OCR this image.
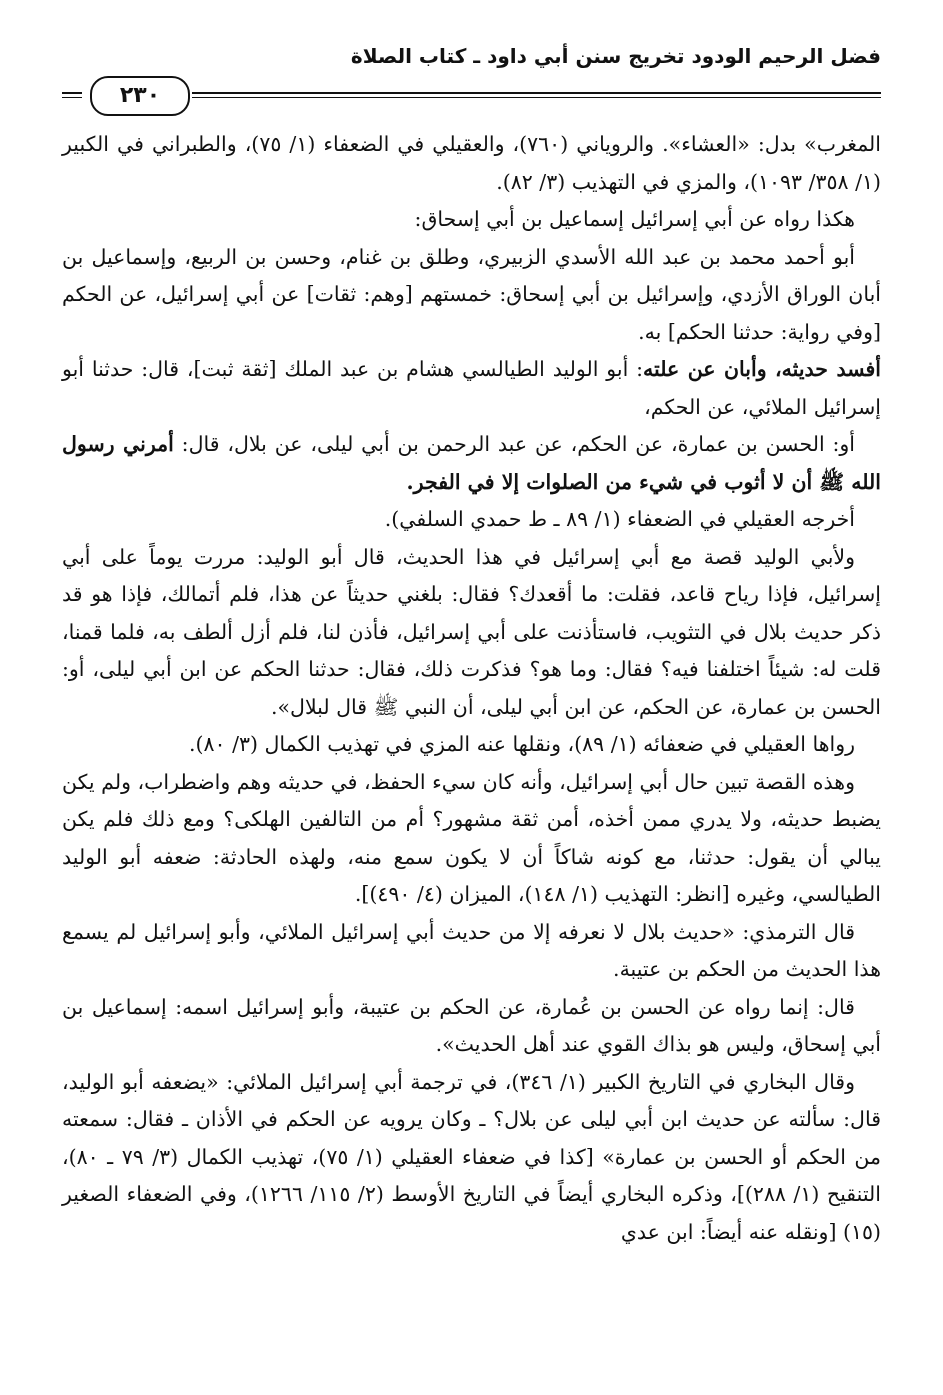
فضل الرحيم الودود تخريج سنن أبي داود ـ كتاب الصلاة
٢٣٠

المغرب» بدل: «العشاء». والروياني (٧٦٠)، والعقيلي في الضعفاء (١/ ٧٥)، والطبراني في الكبير (١/ ٣٥٨/ ١٠٩٣)، والمزي في التهذيب (٣/ ٨٢).

هكذا رواه عن أبي إسرائيل إسماعيل بن أبي إسحاق:

أبو أحمد محمد بن عبد الله الأسدي الزبيري، وطلق بن غنام، وحسن بن الربيع، وإسماعيل بن أبان الوراق الأزدي، وإسرائيل بن أبي إسحاق: خمستهم [وهم: ثقات] عن أبي إسرائيل، عن الحكم [وفي رواية: حدثنا الحكم] به.

أفسد حديثه، وأبان عن علته: أبو الوليد الطيالسي هشام بن عبد الملك [ثقة ثبت]، قال: حدثنا أبو إسرائيل الملائي، عن الحكم،

أو: الحسن بن عمارة، عن الحكم، عن عبد الرحمن بن أبي ليلى، عن بلال، قال: أمرني رسول الله ﷺ أن لا أثوب في شيء من الصلوات إلا في الفجر.

أخرجه العقيلي في الضعفاء (١/ ٨٩ ـ ط حمدي السلفي).

ولأبي الوليد قصة مع أبي إسرائيل في هذا الحديث، قال أبو الوليد: مررت يوماً على أبي إسرائيل، فإذا رياح قاعد، فقلت: ما أقعدك؟ فقال: بلغني حديثاً عن هذا، فلم أتمالك، فإذا هو قد ذكر حديث بلال في التثويب، فاستأذنت على أبي إسرائيل، فأذن لنا، فلم أزل ألطف به، فلما قمنا، قلت له: شيئاً اختلفنا فيه؟ فقال: وما هو؟ فذكرت ذلك، فقال: حدثنا الحكم عن ابن أبي ليلى، أو: الحسن بن عمارة، عن الحكم، عن ابن أبي ليلى، أن النبي ﷺ قال لبلال».

رواها العقيلي في ضعفائه (١/ ٨٩)، ونقلها عنه المزي في تهذيب الكمال (٣/ ٨٠).

وهذه القصة تبين حال أبي إسرائيل، وأنه كان سيء الحفظ، في حديثه وهم واضطراب، ولم يكن يضبط حديثه، ولا يدري ممن أخذه، أمن ثقة مشهور؟ أم من التالفين الهلكى؟ ومع ذلك فلم يكن يبالي أن يقول: حدثنا، مع كونه شاكاً أن لا يكون سمع منه، ولهذه الحادثة: ضعفه أبو الوليد الطيالسي، وغيره [انظر: التهذيب (١/ ١٤٨)، الميزان (٤/ ٤٩٠)].

قال الترمذي: «حديث بلال لا نعرفه إلا من حديث أبي إسرائيل الملائي، وأبو إسرائيل لم يسمع هذا الحديث من الحكم بن عتيبة.

قال: إنما رواه عن الحسن بن عُمارة، عن الحكم بن عتيبة، وأبو إسرائيل اسمه: إسماعيل بن أبي إسحاق، وليس هو بذاك القوي عند أهل الحديث».

وقال البخاري في التاريخ الكبير (١/ ٣٤٦)، في ترجمة أبي إسرائيل الملائي: «يضعفه أبو الوليد، قال: سألته عن حديث ابن أبي ليلى عن بلال؟ ـ وكان يرويه عن الحكم في الأذان ـ فقال: سمعته من الحكم أو الحسن بن عمارة» [كذا في ضعفاء العقيلي (١/ ٧٥)، تهذيب الكمال (٣/ ٧٩ ـ ٨٠)، التنقيح (١/ ٢٨٨)]، وذكره البخاري أيضاً في التاريخ الأوسط (٢/ ١١٥/ ١٢٦٦)، وفي الضعفاء الصغير (١٥) [ونقله عنه أيضاً: ابن عدي
